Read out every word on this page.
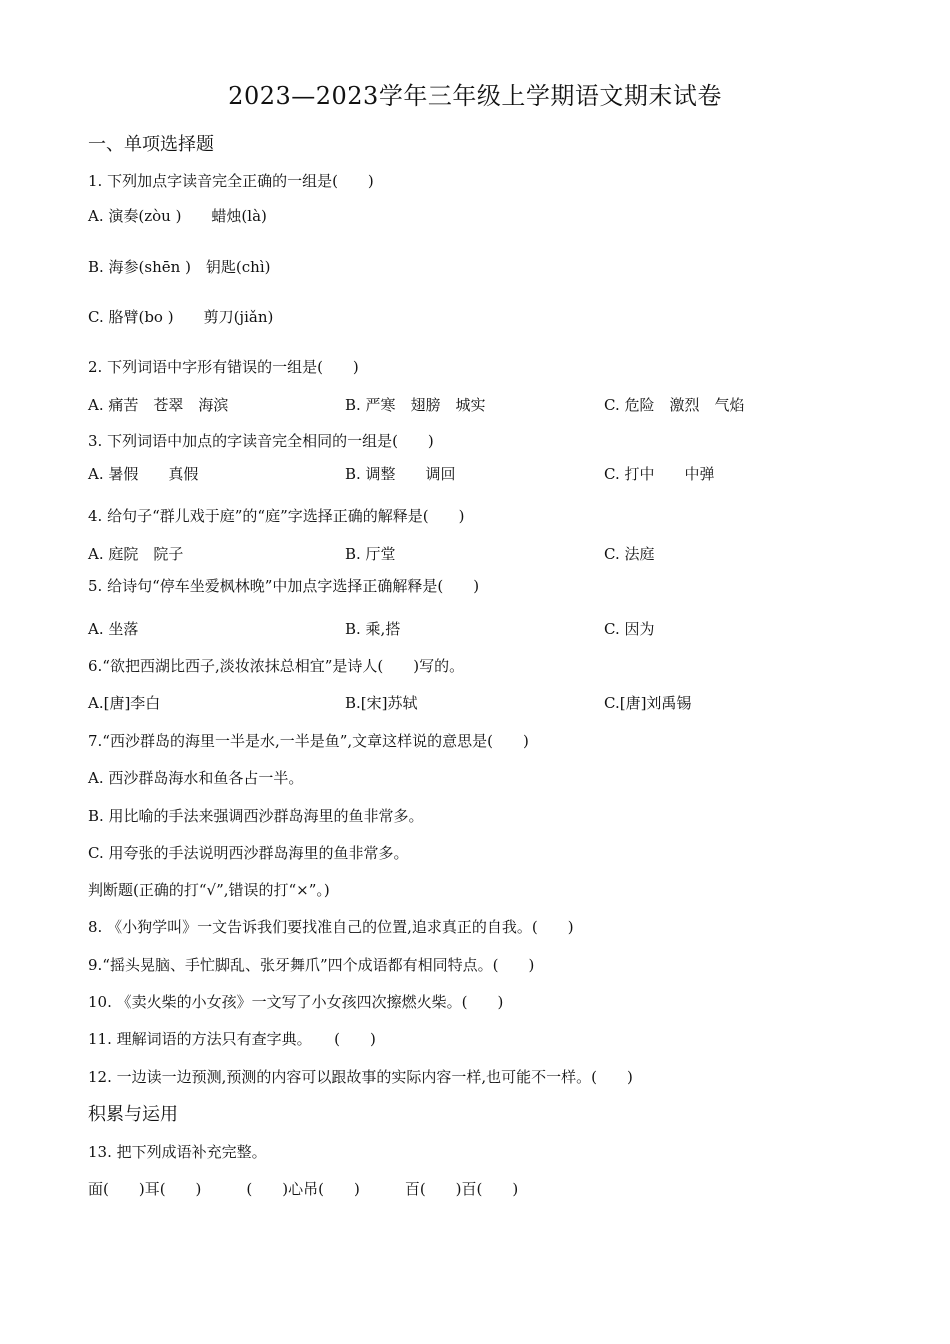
2023—2023学年三年级上学期语文期末试卷
一、单项选择题
1. 下列加点字读音完全正确的一组是(　　)
A. 演奏(zòu )　　蜡烛(là)
B. 海参(shēn )　钥匙(chì)
C. 胳臂(bo )　　剪刀(jiǎn)
2. 下列词语中字形有错误的一组是(　　)
A. 痛苦　苍翠　海滨	B. 严寒　翅膀　城实	C. 危险　激烈　气焰
3. 下列词语中加点的字读音完全相同的一组是(　　)
A. 暑假　　真假	B. 调整　　调回	C. 打中　　中弹
4. 给句子“群儿戏于庭”的“庭”字选择正确的解释是(　　)
A. 庭院　院子	B. 厅堂	C. 法庭
5. 给诗句“停车坐爱枫林晚”中加点字选择正确解释是(　　)
A. 坐落	B. 乘,搭	C. 因为
6.“欲把西湖比西子,淡妆浓抹总相宜”是诗人(　　)写的。
A.[唐]李白	B.[宋]苏轼	C.[唐]刘禹锡
7.“西沙群岛的海里一半是水,一半是鱼”,文章这样说的意思是(　　)
A. 西沙群岛海水和鱼各占一半。
B. 用比喻的手法来强调西沙群岛海里的鱼非常多。
C. 用夸张的手法说明西沙群岛海里的鱼非常多。
判断题(正确的打“√”,错误的打“×”。)
8. 《小狗学叫》一文告诉我们要找准自己的位置,追求真正的自我。(　　)
9.“摇头晃脑、手忙脚乱、张牙舞爪”四个成语都有相同特点。(　　)
10. 《卖火柴的小女孩》一文写了小女孩四次擦燃火柴。(　　)
11. 理解词语的方法只有查字典。　　(　　)
12. 一边读一边预测,预测的内容可以跟故事的实际内容一样,也可能不一样。(　　)
积累与运用
13. 把下列成语补充完整。
面(　　)耳(　　)　　　(　　)心吊(　　)　　　百(　　)百(　　)
